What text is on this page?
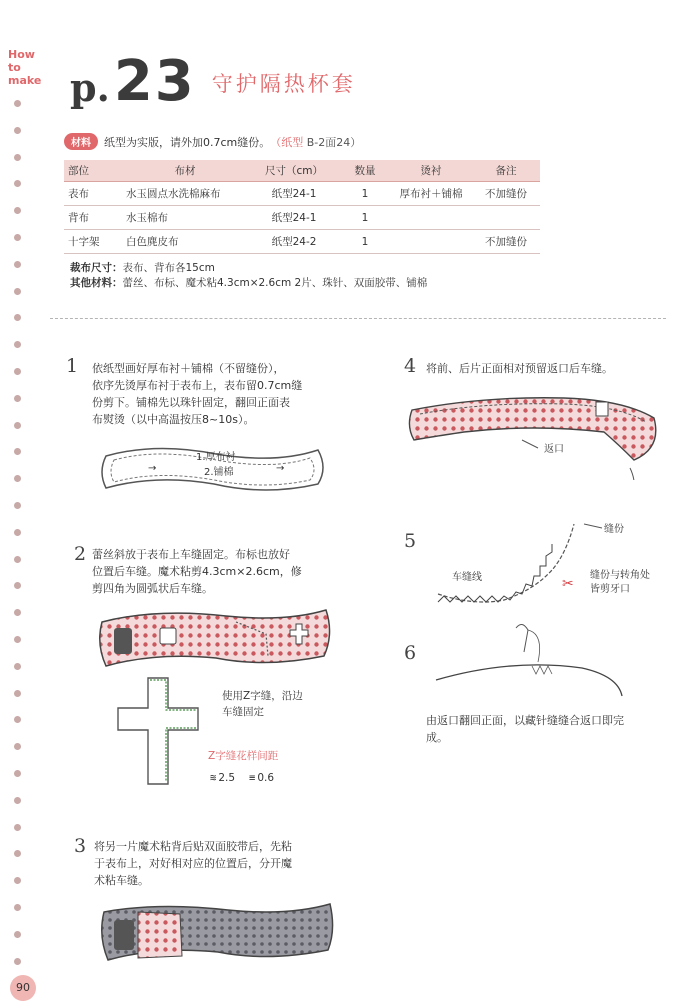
How
to
make p. 23 守护隔热杯套
材料	纸型为实版，请外加0.7cm缝份。 （纸型 B-2面24）
部位	布材	尺寸（cm）	数量	烫衬	备注
表布	水玉圆点水洗棉麻布	纸型24-1	1	厚布衬＋铺棉	不加缝份
背布	水玉棉布	纸型24-1	1		
十字架	白色麂皮布	纸型24-2	1		不加缝份
裁布尺寸：表布、背布各15cm
其他材料：蕾丝、布标、魔术粘4.3cm×2.6cm 2片、珠针、双面胶带、铺棉
1 依纸型画好厚布衬＋铺棉（不留缝份），
依序先烫厚布衬于表布上，表布留0.7cm缝
份剪下。铺棉先以珠针固定，翻回正面表
布熨烫（以中高温按压8~10s）。
1.厚布衬
2.铺棉
→	→
2 蕾丝斜放于表布上车缝固定。布标也放好
位置后车缝。魔术粘剪4.3cm×2.6cm，修
剪四角为圆弧状后车缝。
使用Z字缝，沿边
车缝固定
Z字缝花样间距
≋ 2.5 ≡ 0.6
3 将另一片魔术粘背后贴双面胶带后，先粘
于表布上，对好相对应的位置后，分开魔
术粘车缝。
4 将前、后片正面相对预留返口后车缝。
返口
5
缝份
车缝线	缝份与转角处
皆剪牙口
✂
6
由返口翻回正面，以藏针缝缝合返口即完
成。
90
